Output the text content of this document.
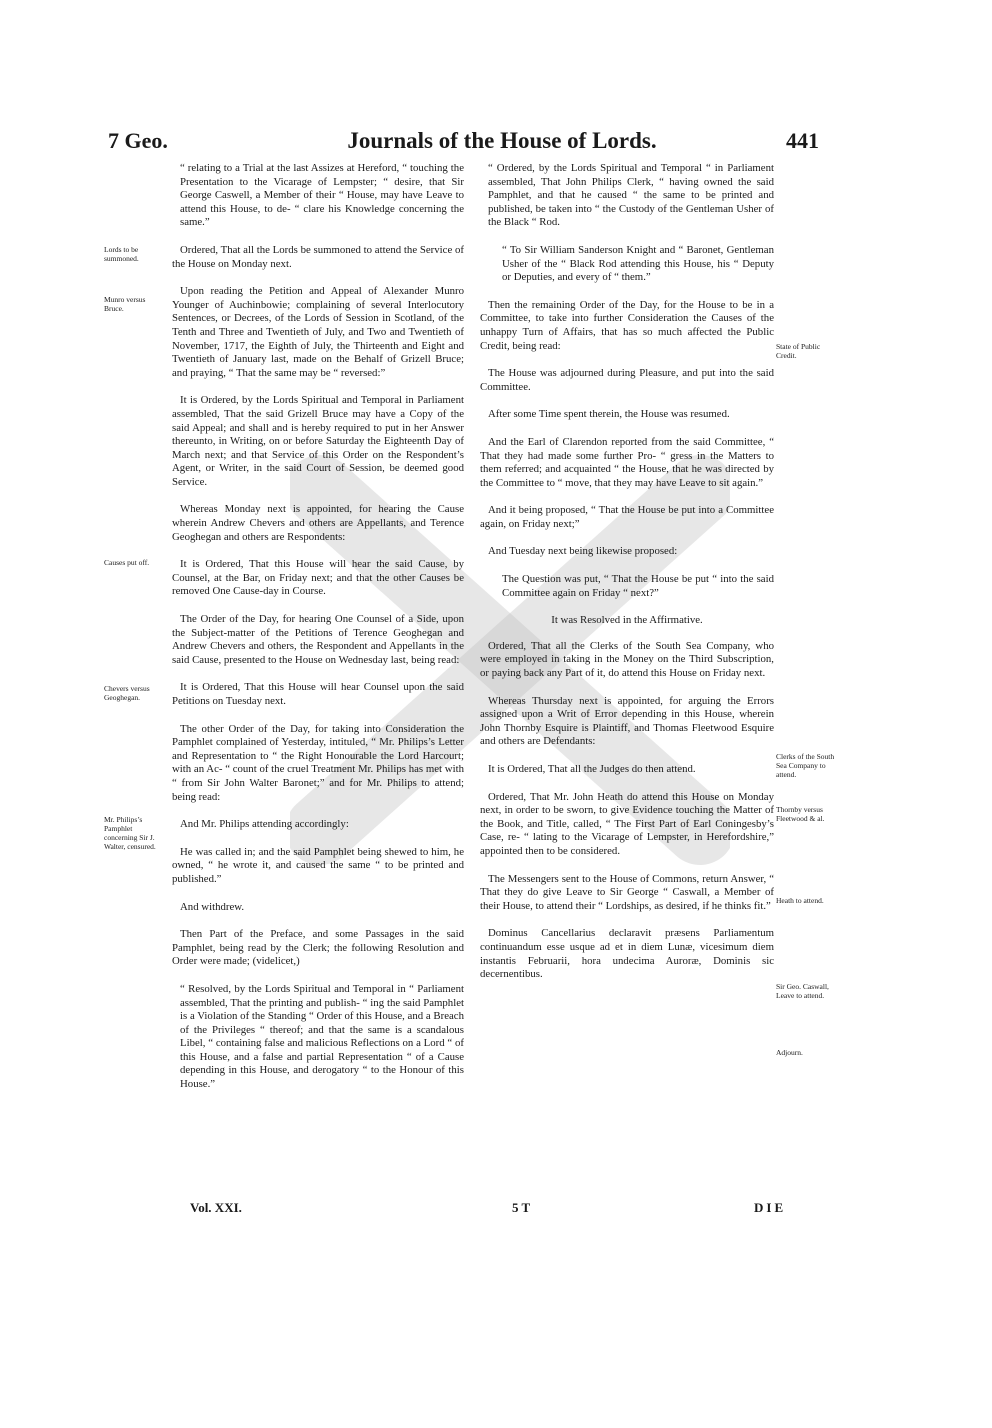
7 Geo.	Journals of the House of Lords.	441

“ relating to a Trial at the last Assizes at Hereford, “ touching the Presentation to the Vicarage of Lempster; “ desire, that Sir George Caswell, a Member of their “ House, may have Leave to attend this House, to de- “ clare his Knowledge concerning the same.”

Ordered, That all the Lords be summoned to attend the Service of the House on Monday next.

Upon reading the Petition and Appeal of Alexander Munro Younger of Auchinbowie; complaining of several Interlocutory Sentences, or Decrees, of the Lords of Session in Scotland, of the Tenth and Three and Twentieth of July, and Two and Twentieth of November, 1717, the Eighth of July, the Thirteenth and Eight and Twentieth of January last, made on the Behalf of Grizell Bruce; and praying, “ That the same may be “ reversed:”

It is Ordered, by the Lords Spiritual and Temporal in Parliament assembled, That the said Grizell Bruce may have a Copy of the said Appeal; and shall and is hereby required to put in her Answer thereunto, in Writing, on or before Saturday the Eighteenth Day of March next; and that Service of this Order on the Respondent’s Agent, or Writer, in the said Court of Session, be deemed good Service.

Whereas Monday next is appointed, for hearing the Cause wherein Andrew Chevers and others are Appellants, and Terence Geoghegan and others are Respondents:

It is Ordered, That this House will hear the said Cause, by Counsel, at the Bar, on Friday next; and that the other Causes be removed One Cause-day in Course.

The Order of the Day, for hearing One Counsel of a Side, upon the Subject-matter of the Petitions of Terence Geoghegan and Andrew Chevers and others, the Respondent and Appellants in the said Cause, presented to the House on Wednesday last, being read:

It is Ordered, That this House will hear Counsel upon the said Petitions on Tuesday next.

The other Order of the Day, for taking into Consideration the Pamphlet complained of Yesterday, intituled, “ Mr. Philips’s Letter and Representation to “ the Right Honourable the Lord Harcourt; with an Ac- “ count of the cruel Treatment Mr. Philips has met with “ from Sir John Walter Baronet;” and for Mr. Philips to attend; being read:

And Mr. Philips attending accordingly:

He was called in; and the said Pamphlet being shewed to him, he owned, “ he wrote it, and caused the same “ to be printed and published.”

And withdrew.

Then Part of the Preface, and some Passages in the said Pamphlet, being read by the Clerk; the following Resolution and Order were made; (videlicet,)

“ Resolved, by the Lords Spiritual and Temporal in “ Parliament assembled, That the printing and publish- “ ing the said Pamphlet is a Violation of the Standing “ Order of this House, and a Breach of the Privileges “ thereof; and that the same is a scandalous Libel, “ containing false and malicious Reflections on a Lord “ of this House, and a false and partial Representation “ of a Cause depending in this House, and derogatory “ to the Honour of this House.”

“ Ordered, by the Lords Spiritual and Temporal “ in Parliament assembled, That John Philips Clerk, “ having owned the said Pamphlet, and that he caused “ the same to be printed and published, be taken into “ the Custody of the Gentleman Usher of the Black “ Rod.

“ To Sir William Sanderson Knight and “ Baronet, Gentleman Usher of the “ Black Rod attending this House, his “ Deputy or Deputies, and every of “ them.”

Then the remaining Order of the Day, for the House to be in a Committee, to take into further Consideration the Causes of the unhappy Turn of Affairs, that has so much affected the Public Credit, being read:

The House was adjourned during Pleasure, and put into the said Committee.

After some Time spent therein, the House was resumed.

And the Earl of Clarendon reported from the said Committee, “ That they had made some further Pro- “ gress in the Matters to them referred; and acquainted “ the House, that he was directed by the Committee to “ move, that they may have Leave to sit again.”

And it being proposed, “ That the House be put into a Committee again, on Friday next;”

And Tuesday next being likewise proposed:

The Question was put, “ That the House be put “ into the said Committee again on Friday “ next?”

It was Resolved in the Affirmative.

Ordered, That all the Clerks of the South Sea Company, who were employed in taking in the Money on the Third Subscription, or paying back any Part of it, do attend this House on Friday next.

Whereas Thursday next is appointed, for arguing the Errors assigned upon a Writ of Error depending in this House, wherein John Thornby Esquire is Plaintiff, and Thomas Fleetwood Esquire and others are Defendants:

It is Ordered, That all the Judges do then attend.

Ordered, That Mr. John Heath do attend this House on Monday next, in order to be sworn, to give Evidence touching the Matter of the Book, and Title, called, “ The First Part of Earl Coningesby’s Case, re- “ lating to the Vicarage of Lempster, in Herefordshire,” appointed then to be considered.

The Messengers sent to the House of Commons, return Answer, “ That they do give Leave to Sir George “ Caswall, a Member of their House, to attend their “ Lordships, as desired, if he thinks fit.”

Dominus Cancellarius declaravit præsens Parliamentum continuandum esse usque ad et in diem Lunæ, vicesimum diem instantis Februarii, hora undecima Auroræ, Dominis sic decernentibus.

Lords to be summoned.
Munro versus Bruce.
Causes put off.
Chevers versus Geoghegan.
Mr. Philips’s Pamphlet concerning Sir J. Walter, censured.
State of Public Credit.
Clerks of the South Sea Company to attend.
Thornby versus Fleetwood & al.
Heath to attend.
Sir Geo. Caswall, Leave to attend.
Adjourn.
Vol. XXI.	5 T	DIE
